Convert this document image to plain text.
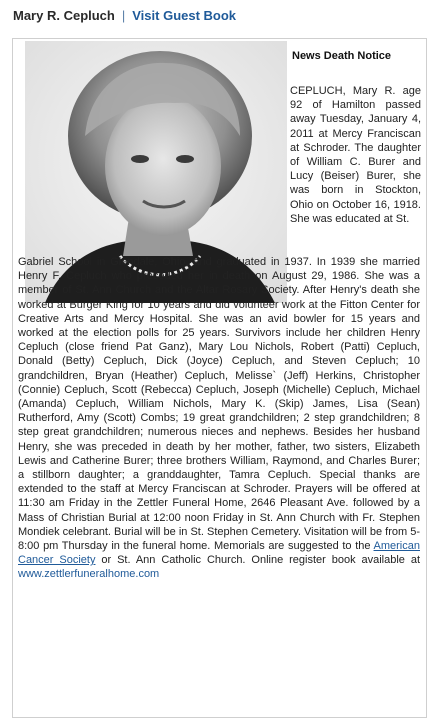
Mary R. Cepluch | Visit Guest Book
News Death Notice
CEPLUCH, Mary R. age 92 of Hamilton passed away Tuesday, January 4, 2011 at Mercy Franciscan at Schroder. The daughter of William C. Burer and Lucy (Beiser) Burer, she was born in Stockton, Ohio on October 16, 1918. She was educated at St.
Gabriel School in Glendale, Ohio, and graduated in 1937. In 1939 she married Henry F. Cepluch who preceded her in death on August 29, 1986. She was a member of St. Ann Church and the Altar Rosary Society. After Henry's death she worked at Burger King for 10 years and did volunteer work at the Fitton Center for Creative Arts and Mercy Hospital. She was an avid bowler for 15 years and worked at the election polls for 25 years. Survivors include her children Henry Cepluch (close friend Pat Ganz), Mary Lou Nichols, Robert (Patti) Cepluch, Donald (Betty) Cepluch, Dick (Joyce) Cepluch, and Steven Cepluch; 10 grandchildren, Bryan (Heather) Cepluch, Melisse` (Jeff) Herkins, Christopher (Connie) Cepluch, Scott (Rebecca) Cepluch, Joseph (Michelle) Cepluch, Michael (Amanda) Cepluch, William Nichols, Mary K. (Skip) James, Lisa (Sean) Rutherford, Amy (Scott) Combs; 19 great grandchildren; 2 step grandchildren; 8 step great grandchildren; numerous nieces and nephews. Besides her husband Henry, she was preceded in death by her mother, father, two sisters, Elizabeth Lewis and Catherine Burer; three brothers William, Raymond, and Charles Burer; a stillborn daughter; a granddaughter, Tamra Cepluch. Special thanks are extended to the staff at Mercy Franciscan at Schroder. Prayers will be offered at 11:30 am Friday in the Zettler Funeral Home, 2646 Pleasant Ave. followed by a Mass of Christian Burial at 12:00 noon Friday in St. Ann Church with Fr. Stephen Mondiek celebrant. Burial will be in St. Stephen Cemetery. Visitation will be from 5-8:00 pm Thursday in the funeral home. Memorials are suggested to the American Cancer Society or St. Ann Catholic Church. Online register book available at www.zettlerfuneralhome.com
